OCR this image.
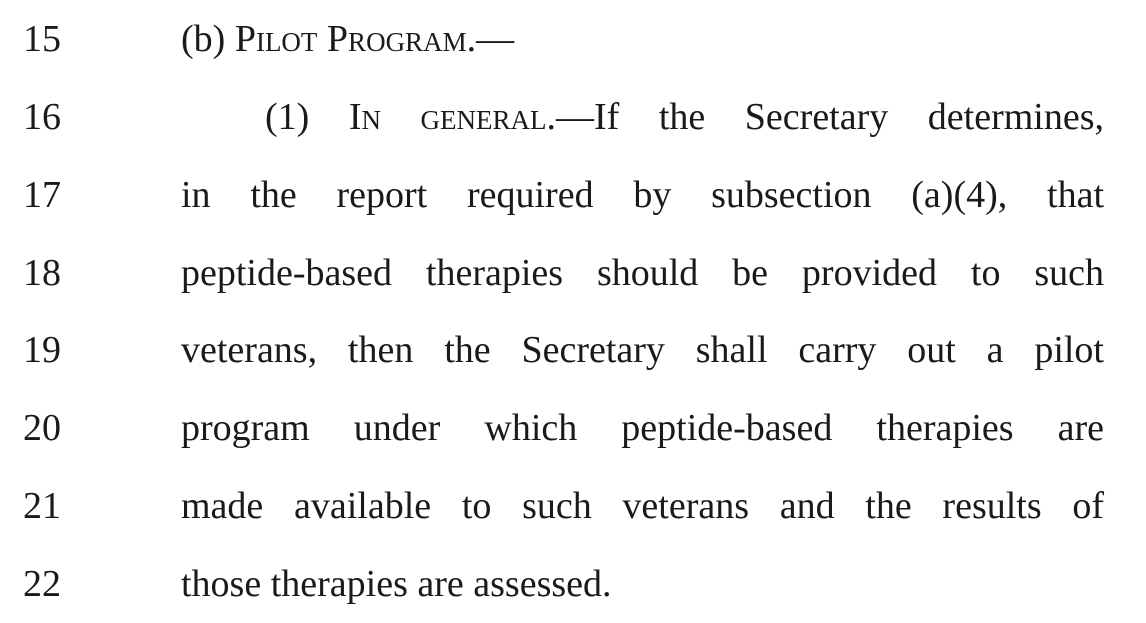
15	(b) Pilot Program.—
16	(1) In general.—If the Secretary determines,
17	in the report required by subsection (a)(4), that
18	peptide-based therapies should be provided to such
19	veterans, then the Secretary shall carry out a pilot
20	program under which peptide-based therapies are
21	made available to such veterans and the results of
22	those therapies are assessed.
